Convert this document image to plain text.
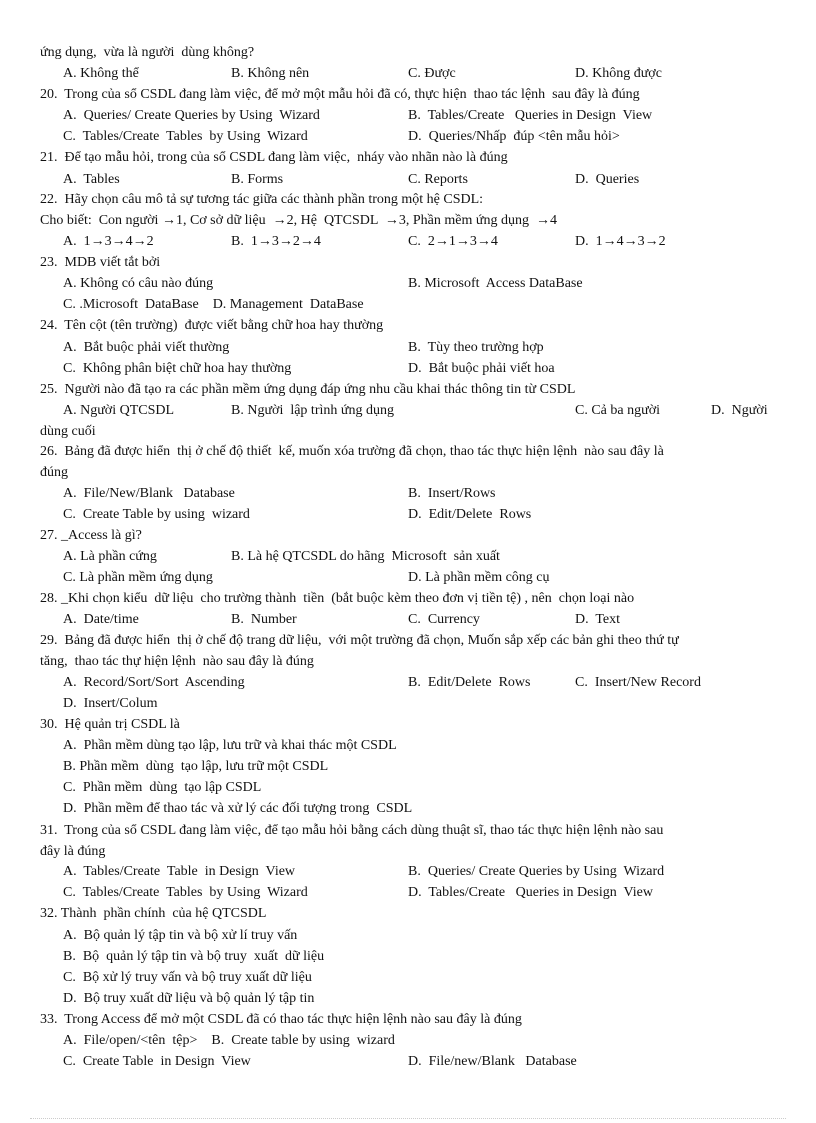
ứng dụng,  vừa là người  dùng không?
A. Không thể	B. Không nên	C. Được	D. Không được
20.  Trong của sổ CSDL đang làm việc, để mở một mẫu hỏi đã có, thực hiện  thao tác lệnh  sau đây là đúng
A.  Queries/ Create Queries by Using  Wizard	B.  Tables/Create   Queries in Design  View
C.  Tables/Create  Tables  by Using  Wizard	D.  Queries/Nhấp  đúp <tên mẫu hỏi>
21.  Để tạo mẫu hỏi, trong của sổ CSDL đang làm việc,  nháy vào nhãn nào là đúng
A.  Tables	B. Forms	C. Reports	D.  Queries
22.  Hãy chọn câu mô tả sự tương tác giữa các thành phần trong một hệ CSDL:
Cho biết:  Con người →1, Cơ sở dữ liệu  →2, Hệ  QTCSDL  →3, Phần mềm ứng dụng  →4
A.  1→3→4→2	B.  1→3→2→4	C.  2→1→3→4	D.  1→4→3→2
23.  MDB viết tắt bởi
A. Không có câu nào đúng	B. Microsoft  Access DataBase
C. .Microsoft  DataBase    D. Management  DataBase
24.  Tên cột (tên trường)  được viết bằng chữ hoa hay thường
A.  Bắt buộc phải viết thường	B.  Tùy theo trường hợp
C.  Không phân biệt chữ hoa hay thường	D.  Bắt buộc phải viết hoa
25.  Người nào đã tạo ra các phần mềm ứng dụng đáp ứng nhu cầu khai thác thông tin từ CSDL
A. Người QTCSDL	B. Người  lập trình ứng dụng	C. Cả ba người	D.  Người
dùng cuối
26.  Bảng đã được hiển  thị ở chế độ thiết  kế, muốn xóa trường đã chọn, thao tác thực hiện lệnh  nào sau đây là
đúng
A.  File/New/Blank   Database	B.  Insert/Rows
C.  Create Table by using  wizard	D.  Edit/Delete  Rows
27. _Access là gì?
A. Là phần cứng	B. Là hệ QTCSDL do hãng  Microsoft  sản xuất
C. Là phần mềm ứng dụng	D. Là phần mềm công cụ
28. _Khi chọn kiểu  dữ liệu  cho trường thành  tiền  (bắt buộc kèm theo đơn vị tiền tệ) , nên  chọn loại nào
A.  Date/time	B.  Number	C.  Currency	D.  Text
29.  Bảng đã được hiển  thị ở chế độ trang dữ liệu,  với một trường đã chọn, Muốn sắp xếp các bản ghi theo thứ tự
tăng,  thao tác thự hiện lệnh  nào sau đây là đúng
A.  Record/Sort/Sort  Ascending	B.  Edit/Delete  Rows	C.  Insert/New Record
D.  Insert/Colum
30.  Hệ quản trị CSDL là
A.  Phần mềm dùng tạo lập, lưu trữ và khai thác một CSDL
B. Phần mềm  dùng  tạo lập, lưu trữ một CSDL
C.  Phần mềm  dùng  tạo lập CSDL
D.  Phần mềm để thao tác và xử lý các đối tượng trong  CSDL
31.  Trong của sổ CSDL đang làm việc, để tạo mẫu hỏi bằng cách dùng thuật sĩ, thao tác thực hiện lệnh nào sau
đây là đúng
A.  Tables/Create  Table  in Design  View	B.  Queries/ Create Queries by Using  Wizard
C.  Tables/Create  Tables  by Using  Wizard	D.  Tables/Create   Queries in Design  View
32. Thành  phần chính  của hệ QTCSDL
A.  Bộ quản lý tập tin và bộ xử lí truy vấn
B.  Bộ  quản lý tập tin và bộ truy  xuất  dữ liệu
C.  Bộ xử lý truy vấn và bộ truy xuất dữ liệu
D.  Bộ truy xuất dữ liệu và bộ quản lý tập tin
33.  Trong Access để mở một CSDL đã có thao tác thực hiện lệnh nào sau đây là đúng
A.  File/open/<tên  tệp>    B.  Create table by using  wizard
C.  Create Table  in Design  View	D.  File/new/Blank   Database
